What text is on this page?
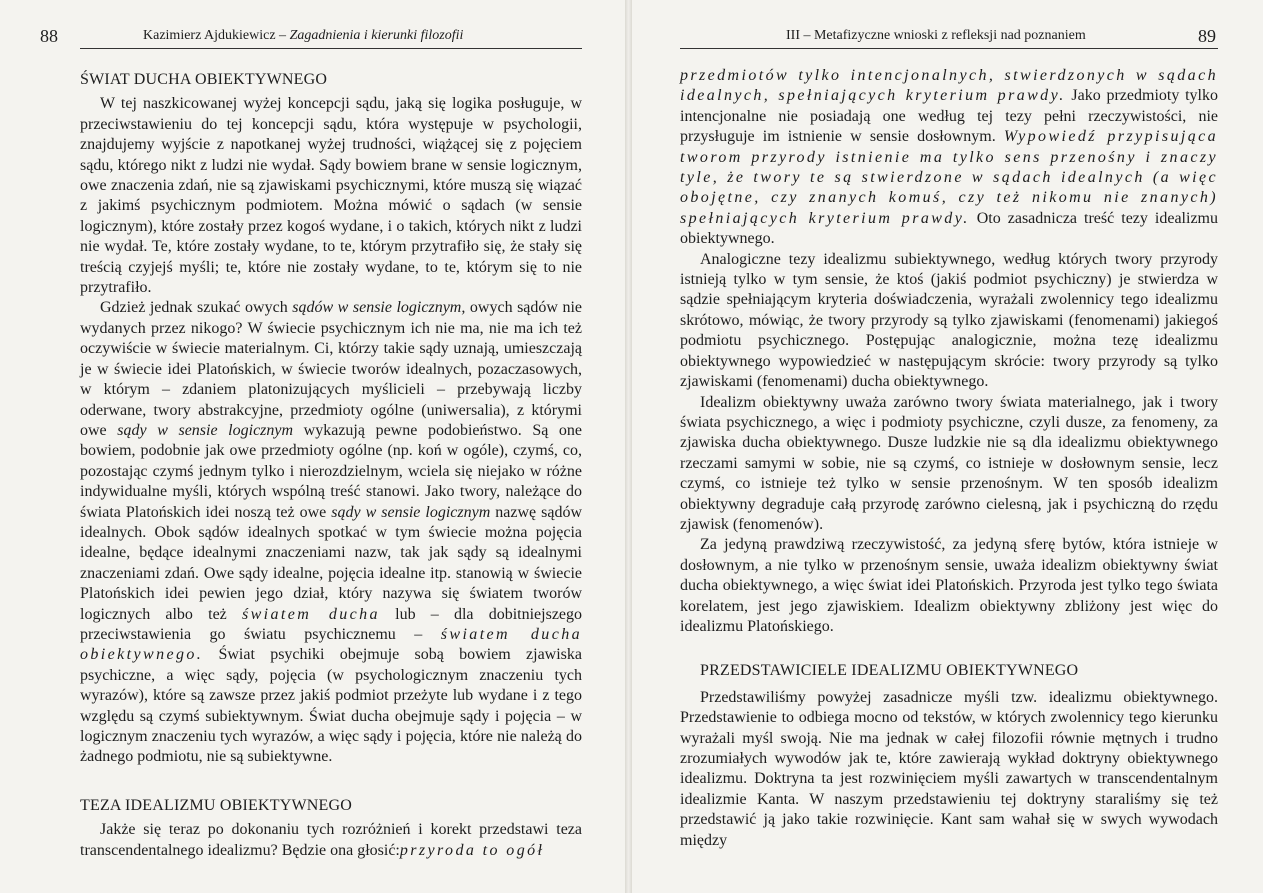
88	Kazimierz Ajdukiewicz – Zagadnienia i kierunki filozofii

ŚWIAT DUCHA OBIEKTYWNEGO

W tej naszkicowanej wyżej koncepcji sądu, jaką się logika posługuje, w przeciwstawieniu do tej koncepcji sądu, która występuje w psychologii, znajdujemy wyjście z napotkanej wyżej trudności, wiążącej się z pojęciem sądu, którego nikt z ludzi nie wydał. Sądy bowiem brane w sensie logicznym, owe znaczenia zdań, nie są zjawiskami psychicznymi, które muszą się wiązać z jakimś psychicznym podmiotem. Można mówić o sądach (w sensie logicznym), które zostały przez kogoś wydane, i o takich, których nikt z ludzi nie wydał. Te, które zostały wydane, to te, którym przytrafiło się, że stały się treścią czyjejś myśli; te, które nie zostały wydane, to te, którym się to nie przytrafiło.

Gdzież jednak szukać owych sądów w sensie logicznym, owych sądów nie wydanych przez nikogo? W świecie psychicznym ich nie ma, nie ma ich też oczywiście w świecie materialnym. Ci, którzy takie sądy uznają, umieszczają je w świecie idei Platońskich, w świecie tworów idealnych, pozaczasowych, w którym – zdaniem platonizujących myślicieli – przebywają liczby oderwane, twory abstrakcyjne, przedmioty ogólne (uniwersalia), z którymi owe sądy w sensie logicznym wykazują pewne podobieństwo. Są one bowiem, podobnie jak owe przedmioty ogólne (np. koń w ogóle), czymś, co, pozostając czymś jednym tylko i nierozdzielnym, wciela się niejako w różne indywidualne myśli, których wspólną treść stanowi. Jako twory, należące do świata Platońskich idei noszą też owe sądy w sensie logicznym nazwę sądów idealnych. Obok sądów idealnych spotkać w tym świecie można pojęcia idealne, będące idealnymi znaczeniami nazw, tak jak sądy są idealnymi znaczeniami zdań. Owe sądy idealne, pojęcia idealne itp. stanowią w świecie Platońskich idei pewien jego dział, który nazywa się światem tworów logicznych albo też światem ducha lub – dla dobitniejszego przeciwstawienia go światu psychicznemu – światem ducha obiektywnego. Świat psychiki obejmuje sobą bowiem zjawiska psychiczne, a więc sądy, pojęcia (w psychologicznym znaczeniu tych wyrazów), które są zawsze przez jakiś podmiot przeżyte lub wydane i z tego względu są czymś subiektywnym. Świat ducha obejmuje sądy i pojęcia – w logicznym znaczeniu tych wyrazów, a więc sądy i pojęcia, które nie należą do żadnego podmiotu, nie są subiektywne.

TEZA IDEALIZMU OBIEKTYWNEGO

Jakże się teraz po dokonaniu tych rozróżnień i korekt przedstawi teza transcendentalnego idealizmu? Będzie ona głosić:przyroda to ogół

III – Metafizyczne wnioski z refleksji nad poznaniem	89

przedmiotów tylko intencjonalnych, stwierdzonych w sądach idealnych, spełniających kryterium prawdy. Jako przedmioty tylko intencjonalne nie posiadają one według tej tezy pełni rzeczywistości, nie przysługuje im istnienie w sensie dosłownym. Wypowiedź przypisująca tworom przyrody istnienie ma tylko sens przenośny i znaczy tyle, że twory te są stwierdzone w sądach idealnych (a więc obojętne, czy znanych komuś, czy też nikomu nie znanych) spełniających kryterium prawdy. Oto zasadnicza treść tezy idealizmu obiektywnego.

Analogiczne tezy idealizmu subiektywnego, według których twory przyrody istnieją tylko w tym sensie, że ktoś (jakiś podmiot psychiczny) je stwierdza w sądzie spełniającym kryteria doświadczenia, wyrażali zwolennicy tego idealizmu skrótowo, mówiąc, że twory przyrody są tylko zjawiskami (fenomenami) jakiegoś podmiotu psychicznego. Postępując analogicznie, można tezę idealizmu obiektywnego wypowiedzieć w następującym skrócie: twory przyrody są tylko zjawiskami (fenomenami) ducha obiektywnego.

Idealizm obiektywny uważa zarówno twory świata materialnego, jak i twory świata psychicznego, a więc i podmioty psychiczne, czyli dusze, za fenomeny, za zjawiska ducha obiektywnego. Dusze ludzkie nie są dla idealizmu obiektywnego rzeczami samymi w sobie, nie są czymś, co istnieje w dosłownym sensie, lecz czymś, co istnieje też tylko w sensie przenośnym. W ten sposób idealizm obiektywny degraduje całą przyrodę zarówno cielesną, jak i psychiczną do rzędu zjawisk (fenomenów).

Za jedyną prawdziwą rzeczywistość, za jedyną sferę bytów, która istnieje w dosłownym, a nie tylko w przenośnym sensie, uważa idealizm obiektywny świat ducha obiektywnego, a więc świat idei Platońskich. Przyroda jest tylko tego świata korelatem, jest jego zjawiskiem. Idealizm obiektywny zbliżony jest więc do idealizmu Platońskiego.

PRZEDSTAWICIELE IDEALIZMU OBIEKTYWNEGO

Przedstawiliśmy powyżej zasadnicze myśli tzw. idealizmu obiektywnego. Przedstawienie to odbiega mocno od tekstów, w których zwolennicy tego kierunku wyrażali myśl swoją. Nie ma jednak w całej filozofii równie mętnych i trudno zrozumiałych wywodów jak te, które zawierają wykład doktryny obiektywnego idealizmu. Doktryna ta jest rozwinięciem myśli zawartych w transcendentalnym idealizmie Kanta. W naszym przedstawieniu tej doktryny staraliśmy się też przedstawić ją jako takie rozwinięcie. Kant sam wahał się w swych wywodach między
